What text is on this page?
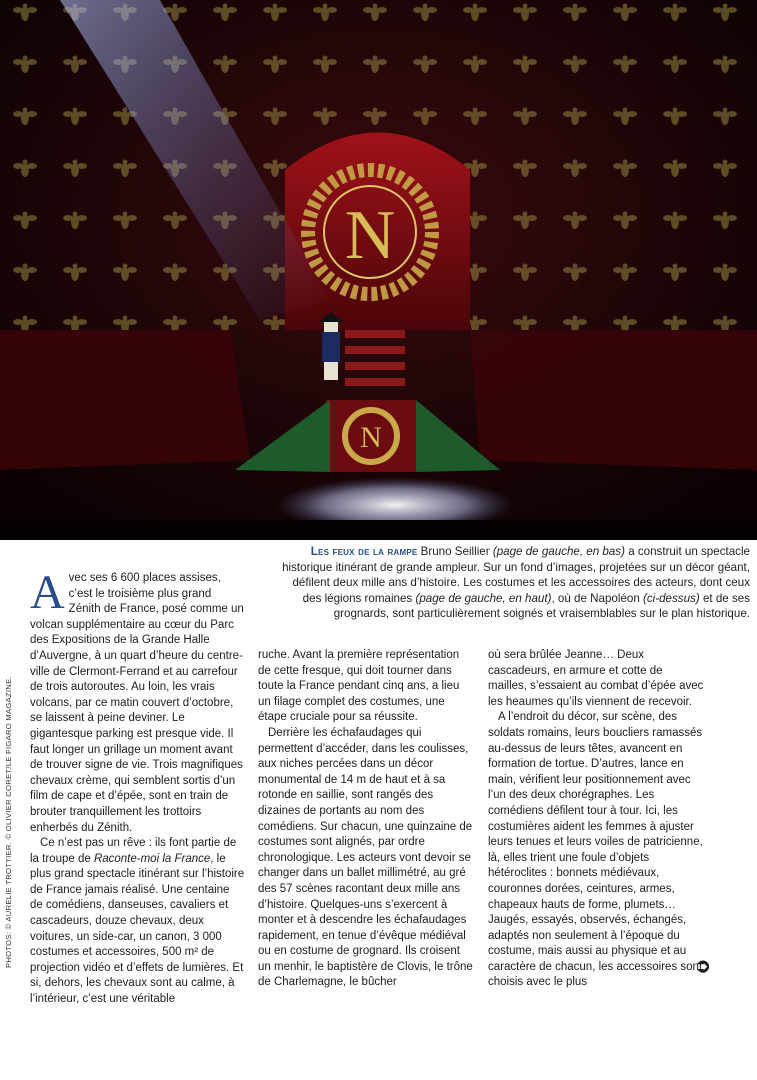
N
N
Les feux de la rampe Bruno Seillier (page de gauche, en bas) a construit un spectacle historique itinérant de grande ampleur. Sur un fond d’images, projetées sur un décor géant, défilent deux mille ans d’histoire. Les costumes et les accessoires des acteurs, dont ceux des légions romaines (page de gauche, en haut), où de Napoléon (ci-dessus) et de ses grognards, sont particulièrement soignés et vraisemblables sur le plan historique.
PHOTOS: © AURELIE TROTTIER. © OLIVIER CORET/LE FIGARO MAGAZINE.

Avec ses 6 600 places assises, c’est le troisième plus grand Zénith de France, posé comme un volcan supplémentaire au cœur du Parc des Expositions de la Grande Halle d’Auvergne, à un quart d’heure du centre-ville de Clermont-Ferrand et au carrefour de trois autoroutes. Au loin, les vrais volcans, par ce matin couvert d’octobre, se laissent à peine deviner. Le gigantesque parking est presque vide. Il faut longer un grillage un moment avant de trouver signe de vie. Trois magnifiques chevaux crème, qui semblent sortis d’un film de cape et d’épée, sont en train de brouter tranquillement les trottoirs enherbés du Zénith.

Ce n’est pas un rêve : ils font partie de la troupe de Raconte-moi la France, le plus grand spectacle itinérant sur l’histoire de France jamais réalisé. Une centaine de comédiens, danseuses, cavaliers et cascadeurs, douze chevaux, deux voitures, un side-car, un canon, 3 000 costumes et accessoires, 500 m² de projection vidéo et d’effets de lumières. Et si, dehors, les chevaux sont au calme, à l’intérieur, c’est une véritable

ruche. Avant la première représentation de cette fresque, qui doit tourner dans toute la France pendant cinq ans, a lieu un filage complet des costumes, une étape cruciale pour sa réussite.

Derrière les échafaudages qui permettent d’accéder, dans les coulisses, aux niches percées dans un décor monumental de 14 m de haut et à sa rotonde en saillie, sont rangés des dizaines de portants au nom des comédiens. Sur chacun, une quinzaine de costumes sont alignés, par ordre chronologique. Les acteurs vont devoir se changer dans un ballet millimétré, au gré des 57 scènes racontant deux mille ans d’histoire. Quelques-uns s’exercent à monter et à descendre les échafaudages rapidement, en tenue d’évêque médiéval ou en costume de grognard. Ils croisent un menhir, le baptistère de Clovis, le trône de Charlemagne, le bûcher

où sera brûlée Jeanne… Deux cascadeurs, en armure et cotte de mailles, s’essaient au combat d’épée avec les heaumes qu’ils viennent de recevoir.

A l’endroit du décor, sur scène, des soldats romains, leurs boucliers ramassés au-dessus de leurs têtes, avancent en formation de tortue. D’autres, lance en main, vérifient leur positionnement avec l’un des deux chorégraphes. Les comédiens défilent tour à tour. Ici, les costumières aident les femmes à ajuster leurs tenues et leurs voiles de patricienne, là, elles trient une foule d’objets hétéroclites : bonnets médiévaux, couronnes dorées, ceintures, armes, chapeaux hauts de forme, plumets… Jaugés, essayés, observés, échangés, adaptés non seulement à l’époque du costume, mais aussi au physique et au caractère de chacun, les accessoires sont choisis avec le plus

➲
